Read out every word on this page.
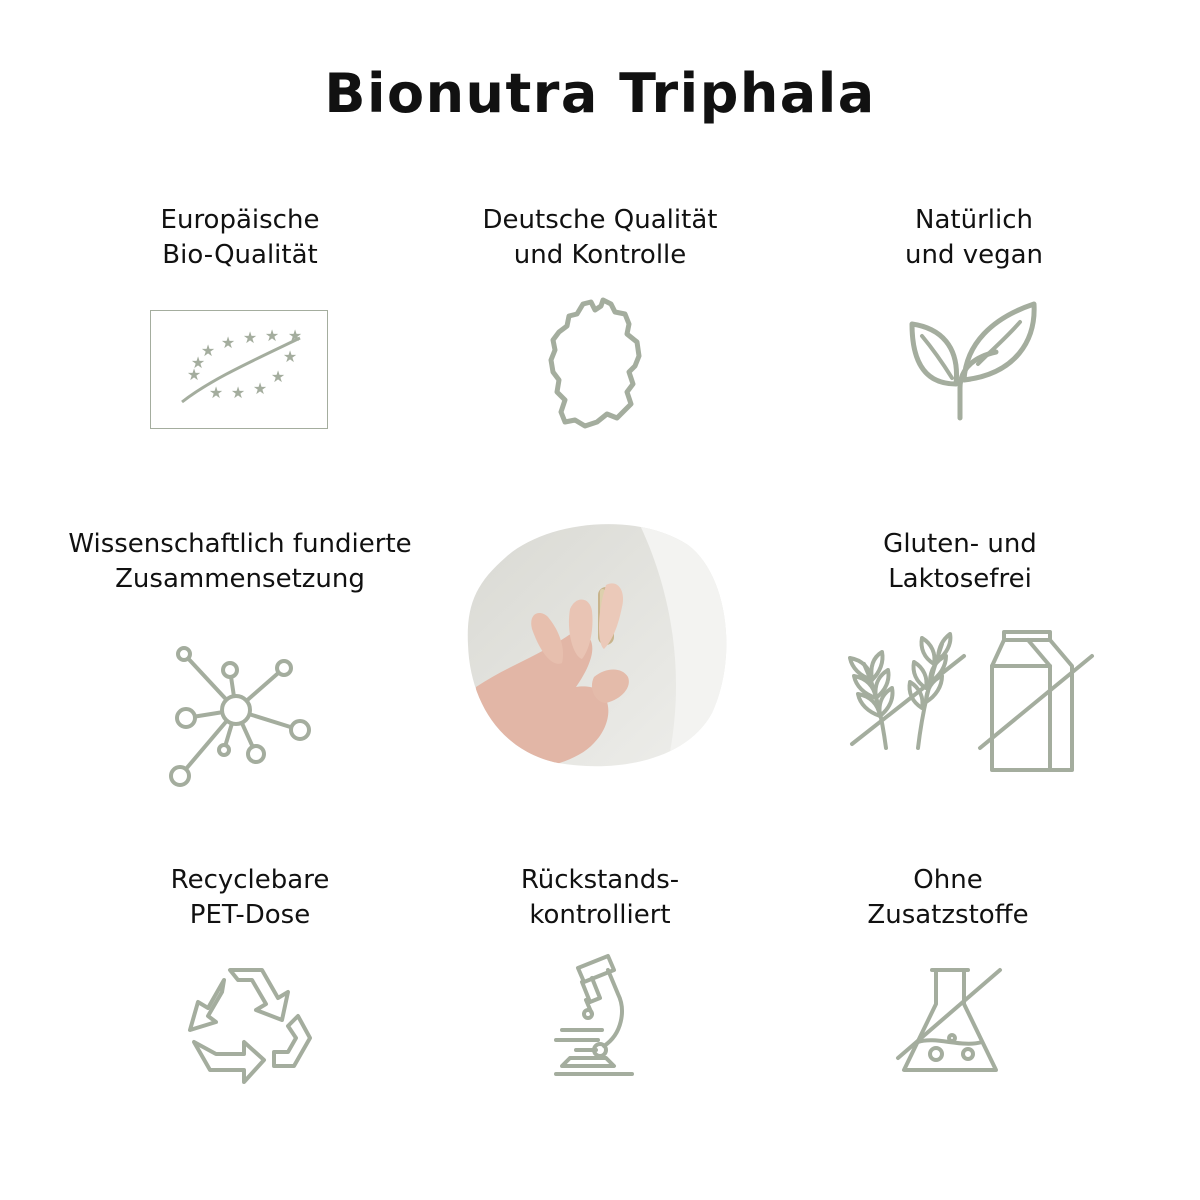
Bionutra Triphala
Europäische
Bio-Qualität
Deutsche Qualität
und Kontrolle
Natürlich
und vegan
★ ★ ★ ★ ★
★
★
★
★
★
★
★
Wissenschaftlich fundierte
Zusammensetzung
Gluten- und
Laktosefrei
Recyclebare
PET-Dose
Rückstands-
kontrolliert
Ohne
Zusatzstoffe
